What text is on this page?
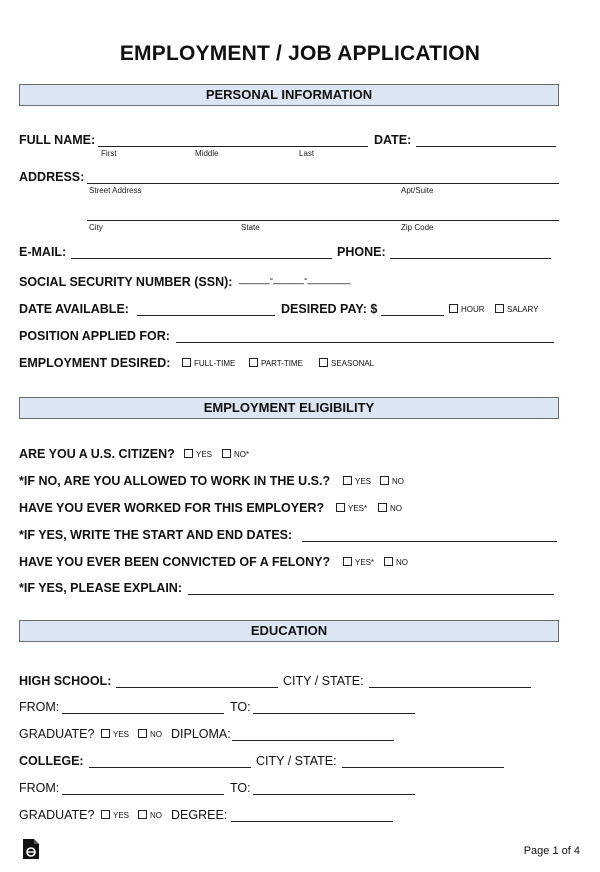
EMPLOYMENT / JOB APPLICATION
PERSONAL INFORMATION
FULL NAME:
First	Middle	Last
DATE:
ADDRESS:
Street Address	Apt/Suite
City	State	Zip Code
E-MAIL:	PHONE:
SOCIAL SECURITY NUMBER (SSN): _____-_____-_______
DATE AVAILABLE:	DESIRED PAY: $	HOUR	SALARY
POSITION APPLIED FOR:
EMPLOYMENT DESIRED:	FULL-TIME	PART-TIME	SEASONAL
EMPLOYMENT ELIGIBILITY
ARE YOU A U.S. CITIZEN?	YES	NO*
*IF NO, ARE YOU ALLOWED TO WORK IN THE U.S.?	YES	NO
HAVE YOU EVER WORKED FOR THIS EMPLOYER?	YES*	NO
*IF YES, WRITE THE START AND END DATES:
HAVE YOU EVER BEEN CONVICTED OF A FELONY?	YES*	NO
*IF YES, PLEASE EXPLAIN:
EDUCATION
HIGH SCHOOL:	CITY / STATE:
FROM:	TO:
GRADUATE?	YES	NO DIPLOMA:
COLLEGE:	CITY / STATE:
FROM:	TO:
GRADUATE?	YES	NO DEGREE:
Page 1 of 4
